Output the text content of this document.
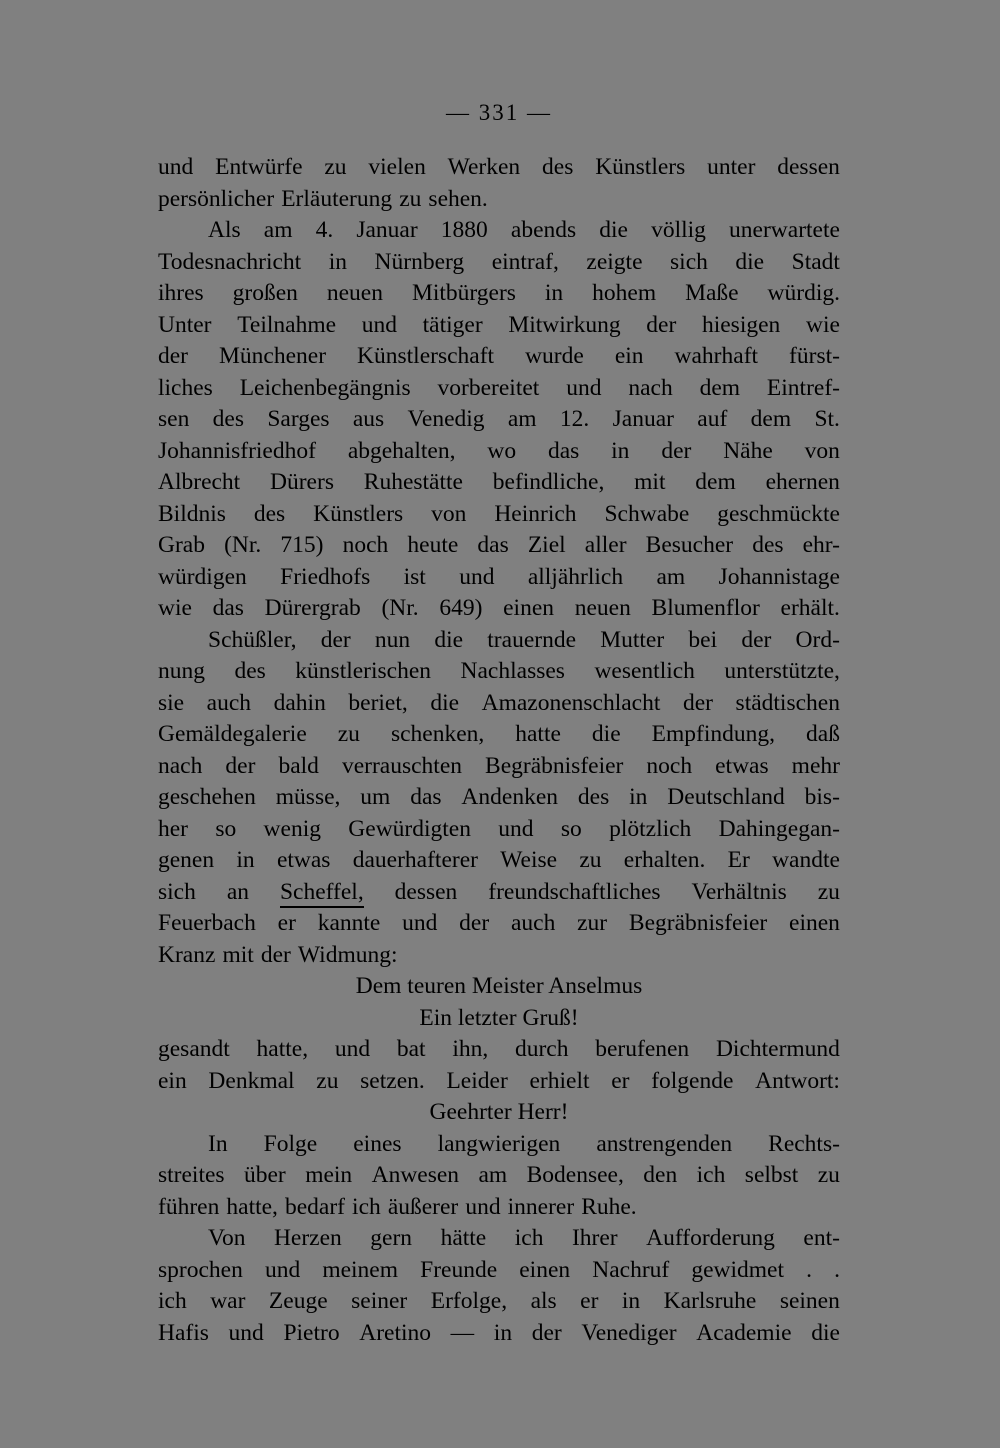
— 331 —
und Entwürfe zu vielen Werken des Künstlers unter dessen
persönlicher Erläuterung zu sehen.
Als am 4. Januar 1880 abends die völlig unerwartete
Todesnachricht in Nürnberg eintraf, zeigte sich die Stadt
ihres großen neuen Mitbürgers in hohem Maße würdig.
Unter Teilnahme und tätiger Mitwirkung der hiesigen wie
der Münchener Künstlerschaft wurde ein wahrhaft fürst-
liches Leichenbegängnis vorbereitet und nach dem Eintref-
sen des Sarges aus Venedig am 12. Januar auf dem St.
Johannisfriedhof abgehalten, wo das in der Nähe von
Albrecht Dürers Ruhestätte befindliche, mit dem ehernen
Bildnis des Künstlers von Heinrich Schwabe geschmückte
Grab (Nr. 715) noch heute das Ziel aller Besucher des ehr-
würdigen Friedhofs ist und alljährlich am Johannistage
wie das Dürergrab (Nr. 649) einen neuen Blumenflor erhält.
Schüßler, der nun die trauernde Mutter bei der Ord-
nung des künstlerischen Nachlasses wesentlich unterstützte,
sie auch dahin beriet, die Amazonenschlacht der städtischen
Gemäldegalerie zu schenken, hatte die Empfindung, daß
nach der bald verrauschten Begräbnisfeier noch etwas mehr
geschehen müsse, um das Andenken des in Deutschland bis-
her so wenig Gewürdigten und so plötzlich Dahingegan-
genen in etwas dauerhafterer Weise zu erhalten. Er wandte
sich an Scheffel, dessen freundschaftliches Verhältnis zu
Feuerbach er kannte und der auch zur Begräbnisfeier einen
Kranz mit der Widmung:
Dem teuren Meister Anselmus
Ein letzter Gruß!
gesandt hatte, und bat ihn, durch berufenen Dichtermund
ein Denkmal zu setzen. Leider erhielt er folgende Antwort:
Geehrter Herr!
In Folge eines langwierigen anstrengenden Rechts-
streites über mein Anwesen am Bodensee, den ich selbst zu
führen hatte, bedarf ich äußerer und innerer Ruhe.
Von Herzen gern hätte ich Ihrer Aufforderung ent-
sprochen und meinem Freunde einen Nachruf gewidmet . .
ich war Zeuge seiner Erfolge, als er in Karlsruhe seinen
Hafis und Pietro Aretino — in der Venediger Academie die
